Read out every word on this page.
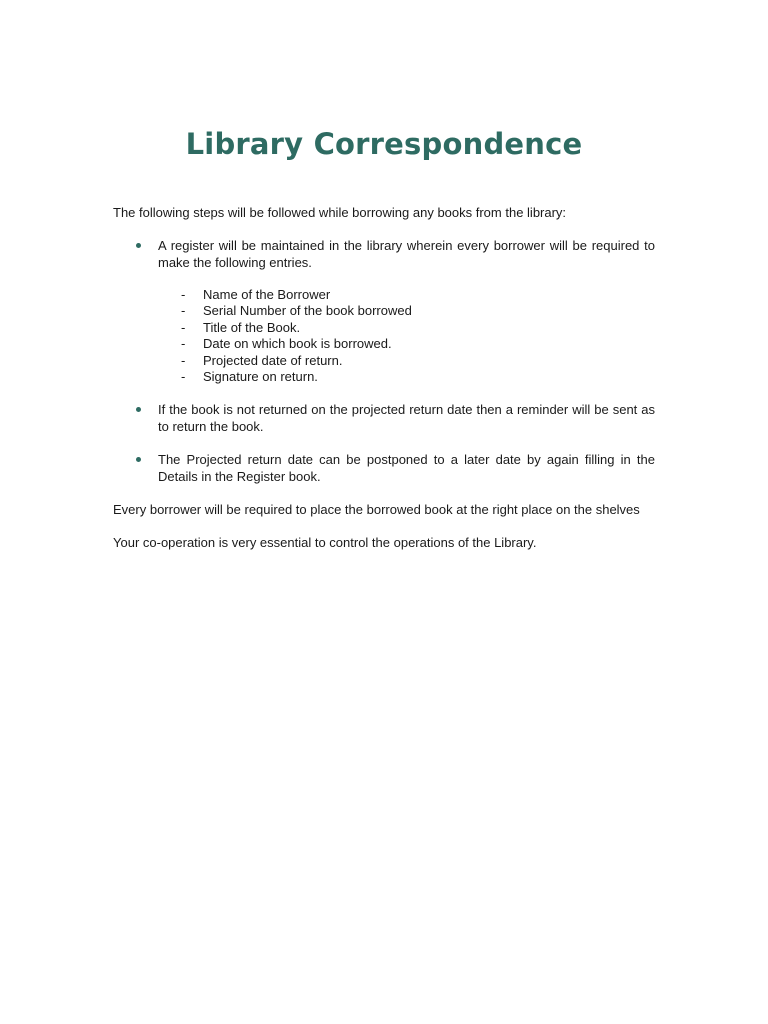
Library Correspondence

The following steps will be followed while borrowing any books from the library:

A register will be maintained in the library wherein every borrower will be required to make the following entries.
- Name of the Borrower
- Serial Number of the book borrowed
- Title of the Book.
- Date on which book is borrowed.
- Projected date of return.
- Signature on return.
If the book is not returned on the projected return date then a reminder will be sent as to return the book.
The Projected return date can be postponed to a later date by again filling in the Details in the Register book.

Every borrower will be required to place the borrowed book at the right place on the shelves

Your co-operation is very essential to control the operations of the Library.
